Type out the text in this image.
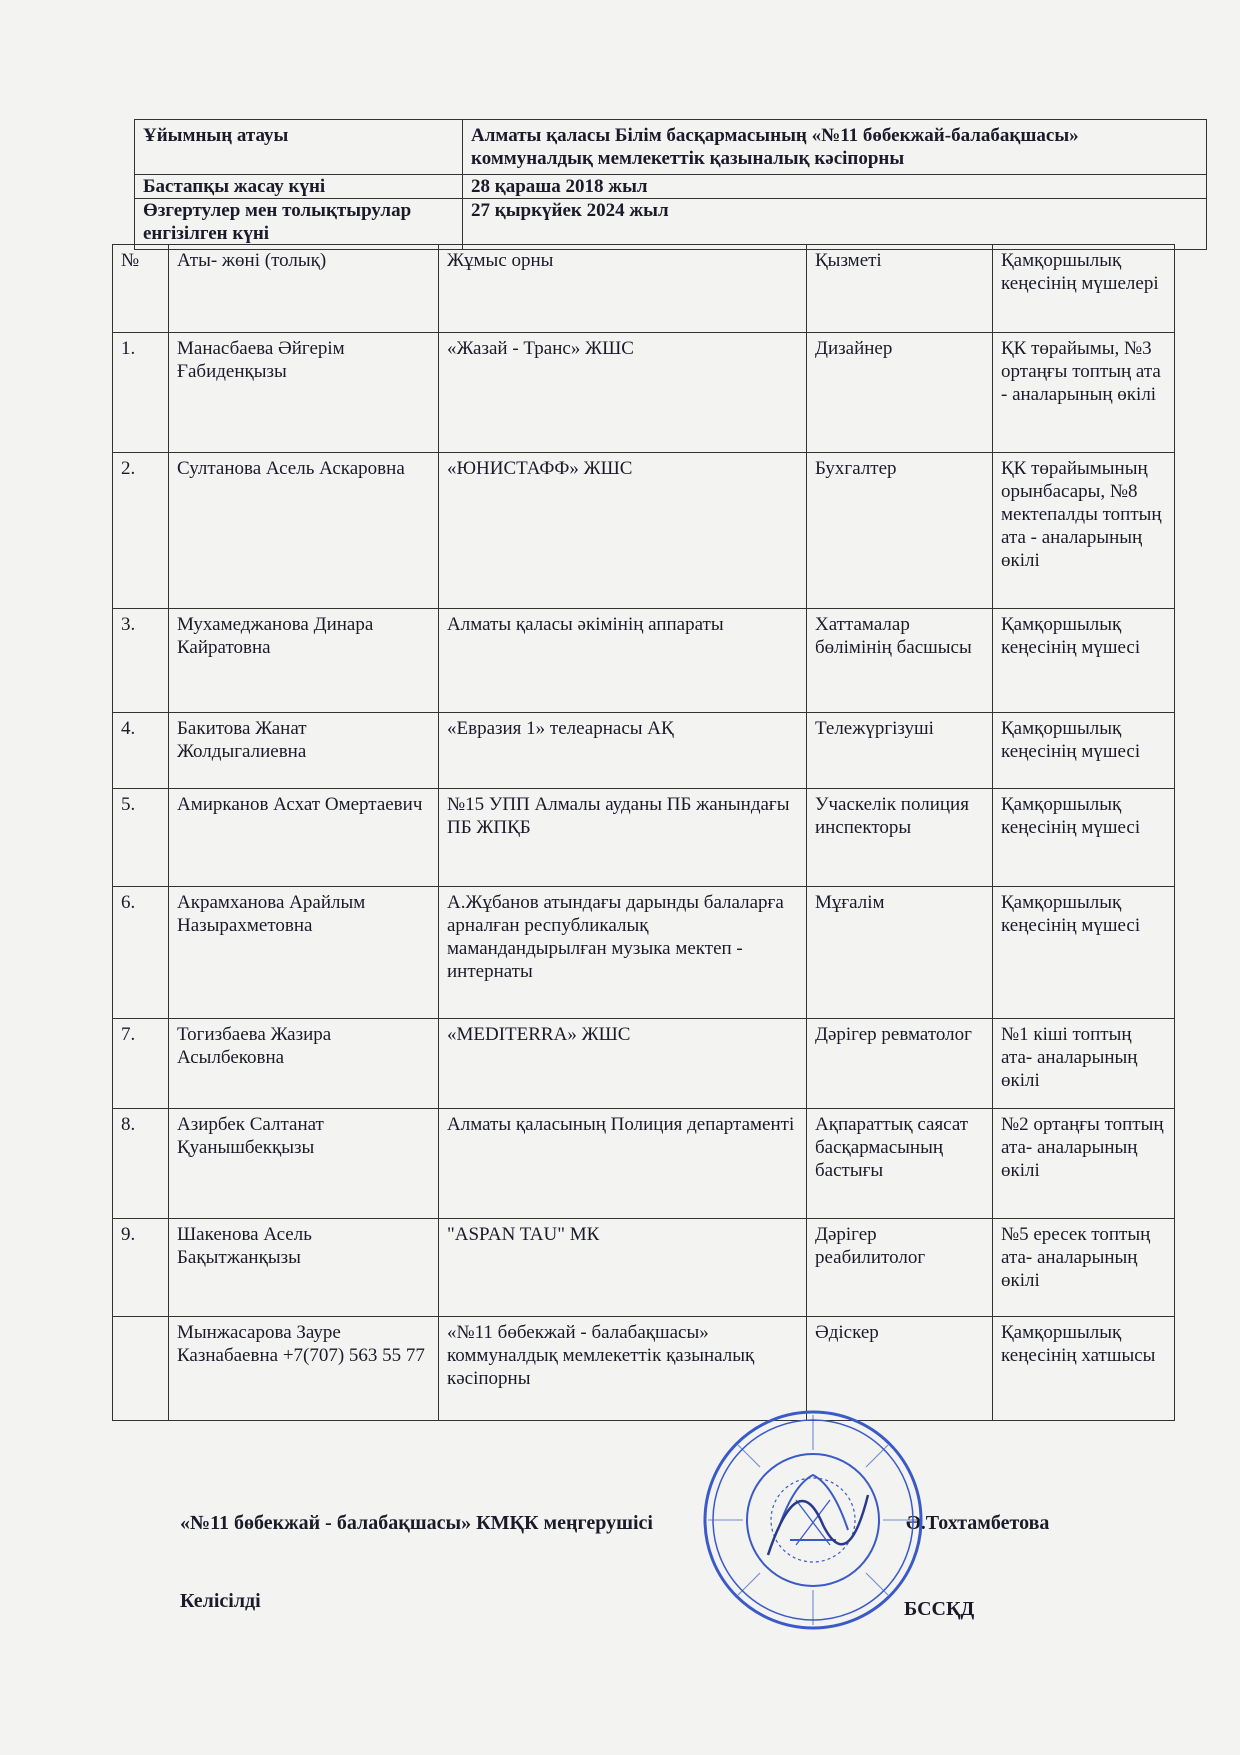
Ұйымның атауы	Алматы қаласы Білім басқармасының «№11 бөбекжай-балабақшасы» коммуналдық мемлекеттік қазыналық кәсіпорны
Бастапқы жасау күні	28 қараша 2018 жыл
Өзгертулер мен толықтырулар енгізілген күні	27 қыркүйек 2024 жыл
№	Аты- жөні (толық)	Жұмыс орны	Қызметі	Қамқоршылық кеңесінің мүшелері
1.	Манасбаева Әйгерім Ғабиденқызы	«Жазай - Транс» ЖШС	Дизайнер	ҚК төрайымы, №3 ортаңғы топтың ата - аналарының өкілі
2.	Султанова Асель Аскаровна	«ЮНИСТАФФ» ЖШС	Бухгалтер	ҚК төрайымының орынбасары, №8 мектепалды топтың ата - аналарының өкілі
3.	Мухамеджанова Динара Кайратовна	Алматы қаласы әкімінің аппараты	Хаттамалар бөлімінің басшысы	Қамқоршылық кеңесінің мүшесі
4.	Бакитова Жанат Жолдыгалиевна	«Евразия 1» телеарнасы АҚ	Тележүргізуші	Қамқоршылық кеңесінің мүшесі
5.	Амирканов Асхат Омертаевич	№15 УПП Алмалы ауданы ПБ жанындағы ПБ ЖПҚБ	Учаскелік полиция инспекторы	Қамқоршылық кеңесінің мүшесі
6.	Акрамханова Арайлым Назырахметовна	А.Жұбанов атындағы дарынды балаларға арналған республикалық мамандандырылған музыка мектеп - интернаты	Мұғалім	Қамқоршылық кеңесінің мүшесі
7.	Тогизбаева Жазира Асылбековна	«MEDITERRA» ЖШС	Дәрігер ревматолог	№1 кіші топтың ата- аналарының өкілі
8.	Азирбек Салтанат Қуанышбекқызы	Алматы қаласының Полиция департаменті	Ақпараттық саясат басқармасының бастығы	№2 ортаңғы топтың ата- аналарының өкілі
9.	Шакенова Асель Бақытжанқызы	"ASPAN TAU" МК	Дәрігер реабилитолог	№5 ересек топтың ата- аналарының өкілі
	Мынжасарова Зауре Казнабаевна +7(707) 563 55 77	«№11 бөбекжай - балабақшасы» коммуналдық мемлекеттік қазыналық кәсіпорны	Әдіскер	Қамқоршылық кеңесінің хатшысы
«№11 бөбекжай - балабақшасы» КМҚК меңгерушісі	Ә.Тохтамбетова
Келісілді	БССҚД
